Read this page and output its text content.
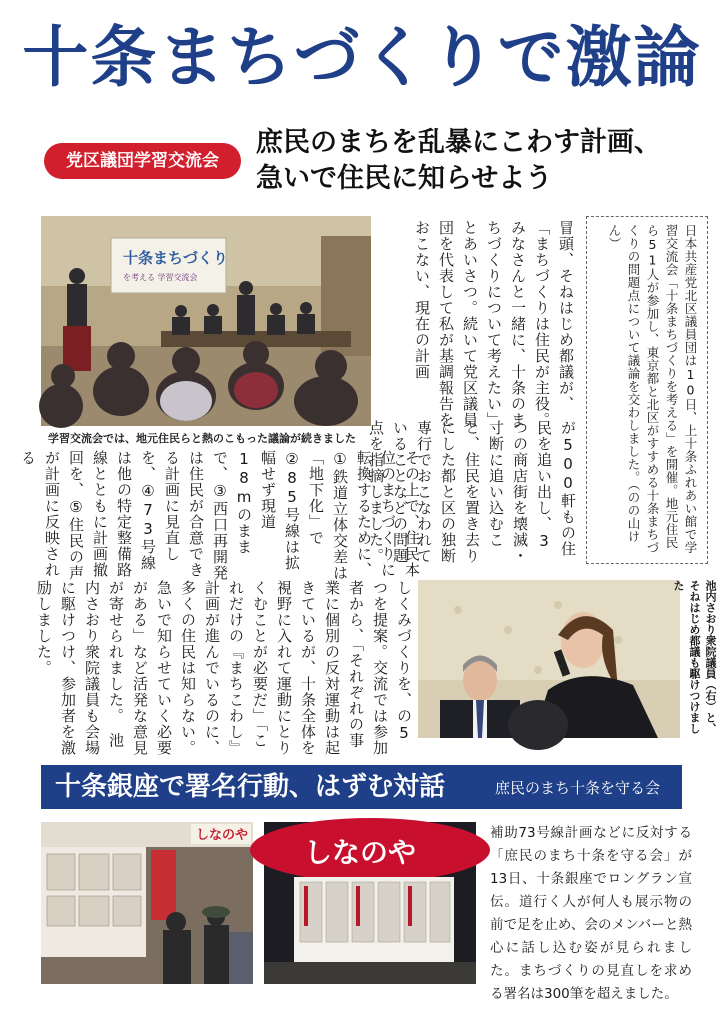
十条まちづくりで激論
党区議団学習交流会
庶民のまちを乱暴にこわす計画、
急いで住民に知らせよう
十条まちづくり
を考える 学習交流会
学習交流会では、地元住民らと熱のこもった議論が続きました	日本共産党北区議員団は10日、上十条ふれあい館で学習交流会「十条まちづくりを考える」を開催。地元住民ら51人が参加し、東京都と北区がすすめる十条まちづくりの問題点について議論を交わしました。（のの山けん）
冒頭、そねはじめ都議が、「まちづくりは住民が主役。みなさんと一緒に、十条のまちづくりについて考えたい」とあいさつ。続いて党区議員団を代表して私が基調報告をおこない、現在の計画
が500軒もの住民を追い出し、3つの商店街を壊滅・寸断に追い込むこと、住民を置き去りにした都と区の独断専行でおこなわれていることなどの問題点を指摘しました。	その上で、住民本位のまちづくりに転換するために、①鉄道立体交差は「地下化」で②85号線は拡幅せず現道18mのままで、③西口再開発は住民が合意できる計画に見直しを、④73号線は他の特定整備路線とともに計画撤回を、⑤住民の声が計画に反映される
しくみづくりを、の5つを提案。交流では参加者から、「それぞれの事業に個別の反対運動は起きているが、十条全体を視野に入れて運動にとりくむことが必要だ」「これだけの『まちこわし』計画が進んでいるのに、多くの住民は知らない。急いで知らせていく必要がある」など活発な意見が寄せられました。　池内さおり衆院議員も会場に駆けつけ、参加者を激励しました。	池内さおり衆院議員（右）と、そねはじめ都議も駆けつけました
十条銀座で署名行動、はずむ対話	庶民のまち十条を守る会
しなのや
しなのや
補助73号線計画などに反対する「庶民のまち十条を守る会」が13日、十条銀座でロングラン宣伝。道行く人が何人も展示物の前で足を止め、会のメンバーと熱心に話し込む姿が見られました。まちづくりの見直しを求める署名は300筆を超えました。
